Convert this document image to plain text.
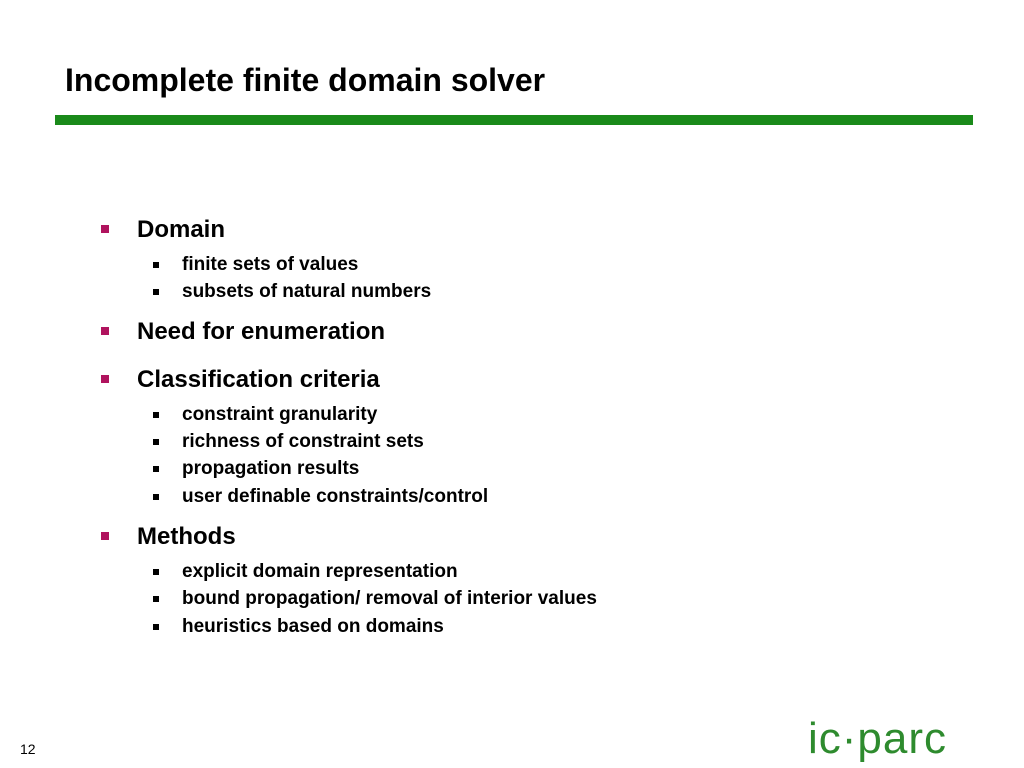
Incomplete finite domain solver
Domain
finite sets of values
subsets of natural numbers
Need for enumeration
Classification criteria
constraint granularity
richness of constraint sets
propagation results
user definable constraints/control
Methods
explicit domain representation
bound propagation/ removal of interior values
heuristics based on domains
12	ic·parc
